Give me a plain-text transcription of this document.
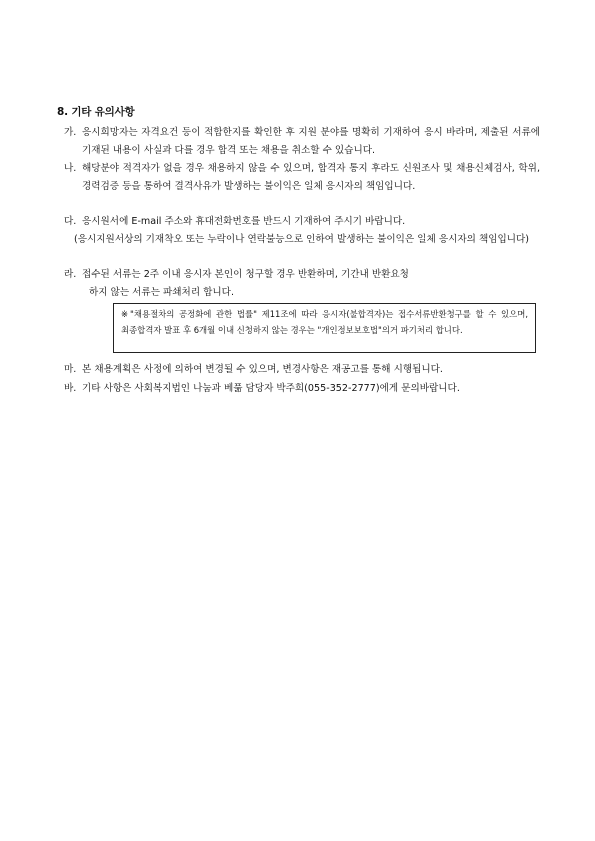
8. 기타 유의사항
가. 응시희망자는 자격요건 등이 적합한지를 확인한 후 지원 분야를 명확히 기재하여 응시 바라며, 제출된 서류에 기재된 내용이 사실과 다를 경우 합격 또는 채용을 취소할 수 있습니다.
나. 해당분야 적격자가 없을 경우 채용하지 않을 수 있으며, 합격자 통지 후라도 신원조사 및 채용신체검사, 학위, 경력검증 등을 통하여 결격사유가 발생하는 불이익은 일체 응시자의 책임입니다.
다. 응시원서에 E-mail 주소와 휴대전화번호를 반드시 기재하여 주시기 바랍니다.
(응시지원서상의 기재착오 또는 누락이나 연락불능으로 인하여 발생하는 불이익은 일체 응시자의 책임입니다)
라. 접수된 서류는 2주 이내 응시자 본인이 청구할 경우 반환하며, 기간내 반환요청
하지 않는 서류는 파쇄처리 합니다.
※"채용절차의 공정화에 관한 법률" 제11조에 따라 응시자(불합격자)는 접수서류반환청구를 할 수 있으며, 최종합격자 발표 후 6개월 이내 신청하지 않는 경우는 "개인정보보호법"의거 파기처리 합니다.
마. 본 채용계획은 사정에 의하여 변경될 수 있으며, 변경사항은 재공고를 통해 시행됩니다.
바. 기타 사항은 사회복지법인 나눔과 베풂 담당자 박주희(055-352-2777)에게 문의바랍니다.
